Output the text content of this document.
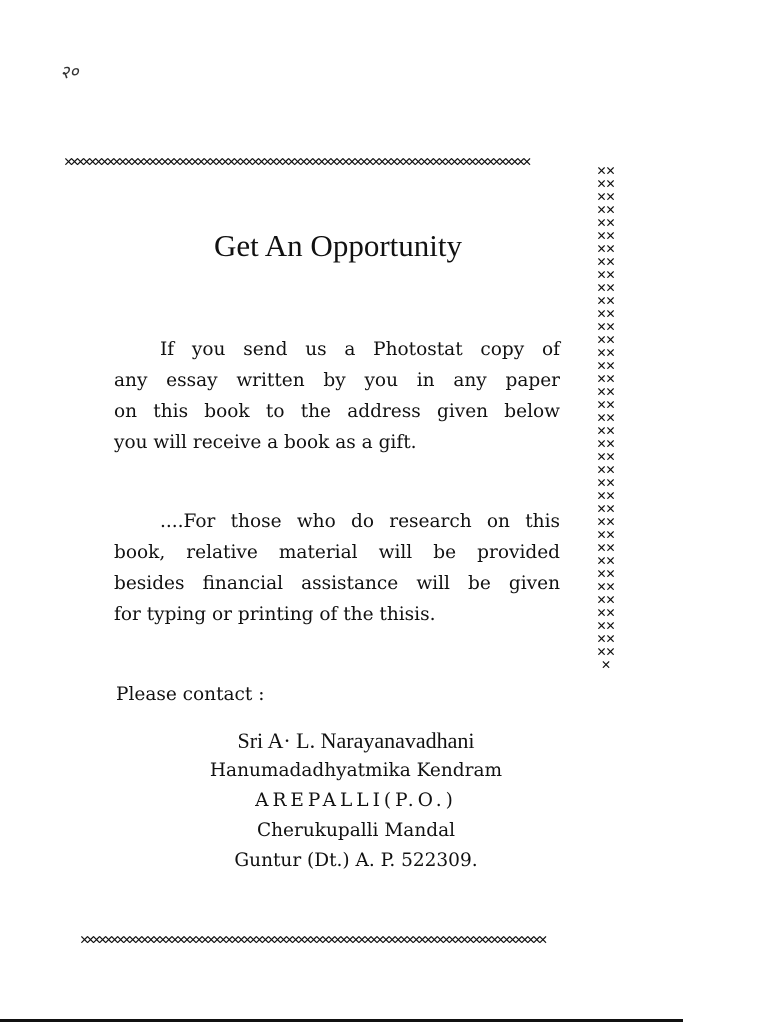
२०
✕✕✕✕✕✕✕✕✕✕✕✕✕✕✕✕✕✕✕✕✕✕✕✕✕✕✕✕✕✕✕✕✕✕✕✕✕✕✕✕✕✕✕✕✕✕✕✕✕✕✕✕✕✕✕✕✕✕✕✕✕✕✕✕✕✕✕✕✕✕✕✕✕✕✕✕✕	✕✕✕✕✕✕✕✕✕✕✕✕✕✕✕✕✕✕✕✕✕✕✕✕✕✕✕✕✕✕✕✕✕✕✕✕✕✕✕✕✕✕✕✕✕✕✕✕✕✕✕✕✕✕✕✕✕✕✕✕✕✕✕✕✕✕✕✕✕✕✕✕✕✕✕✕✕
✕✕✕✕✕✕✕✕✕✕✕✕✕✕✕✕✕✕✕✕✕✕✕✕✕✕✕✕✕✕✕✕✕✕✕✕✕✕✕✕✕✕✕✕✕✕✕✕✕✕✕✕✕✕✕✕✕✕✕✕✕✕✕✕✕✕✕✕✕✕✕✕✕✕✕✕✕
Get An Opportunity
If you send us a Photostat copy of
any essay written by you in any paper
on this book to the address given below
you will receive a book as a gift.
....For those who do research on this
book, relative material will be provided
besides financial assistance will be given
for typing or printing of the thisis.
Please contact :
Sri A· L. Narayanavadhani
Hanumadadhyatmika Kendram
AREPALLI(P.O.)
Cherukupalli Mandal
Guntur (Dt.) A. P. 522309.
